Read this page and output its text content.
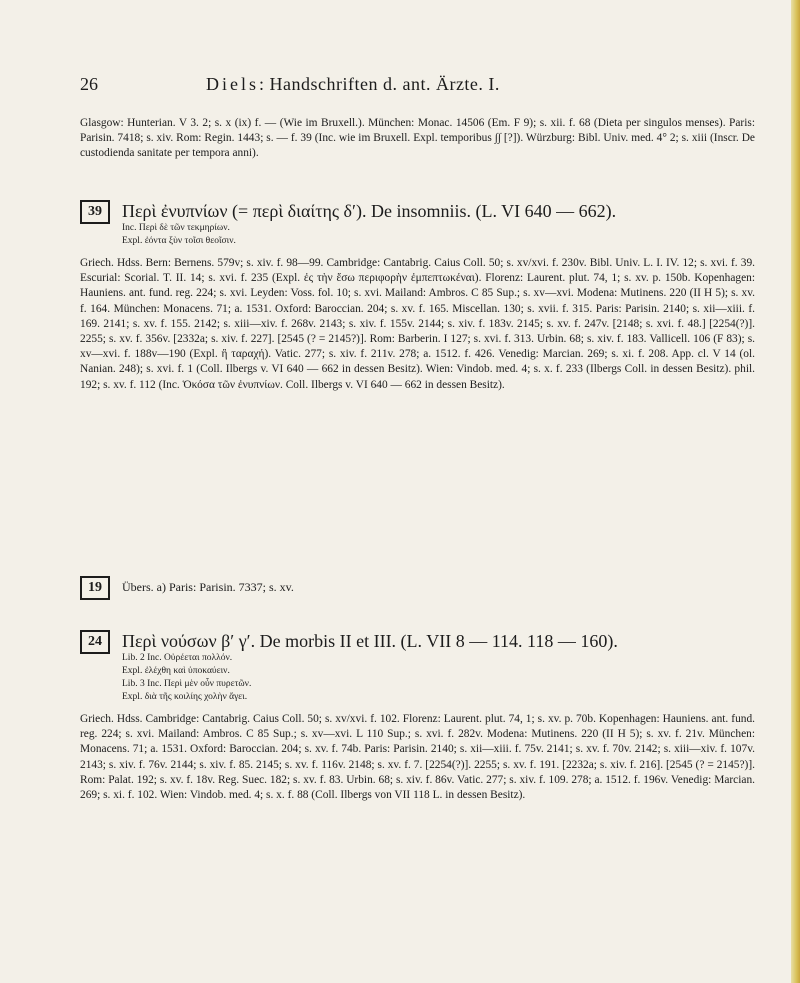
26	Diels: Handschriften d. ant. Ärzte. I.

Glasgow: Hunterian. V 3. 2; s. x (ix) f. — (Wie im Bruxell.). München: Monac. 14506 (Em. F 9); s. xii. f. 68 (Dieta per singulos menses). Paris: Parisin. 7418; s. xiv. Rom: Regin. 1443; s. — f. 39 (Inc. wie im Bruxell. Expl. temporibus ∫∫ [?]). Würzburg: Bibl. Univ. med. 4° 2; s. xiii (Inscr. De custodienda sanitate per tempora anni).

39	Περὶ ἐνυπνίων (= περὶ διαίτης δ′). De insomniis. (L. VI 640 — 662).
Inc. Περὶ δὲ τῶν τεκμηρίων.
Expl. ἐόντα ξὺν τοῖσι θεοῖσιν.

Griech. Hdss. Bern: Bernens. 579v; s. xiv. f. 98—99. Cambridge: Cantabrig. Caius Coll. 50; s. xv/xvi. f. 230v. Bibl. Univ. L. I. IV. 12; s. xvi. f. 39. Escurial: Scorial. T. II. 14; s. xvi. f. 235 (Expl. ἐς τὴν ἔσω περιφορὴν ἐμπεπτωκέναι). Florenz: Laurent. plut. 74, 1; s. xv. p. 150b. Kopenhagen: Hauniens. ant. fund. reg. 224; s. xvi. Leyden: Voss. fol. 10; s. xvi. Mailand: Ambros. C 85 Sup.; s. xv—xvi. Modena: Mutinens. 220 (II H 5); s. xv. f. 164. München: Monacens. 71; a. 1531. Oxford: Baroccian. 204; s. xv. f. 165. Miscellan. 130; s. xvii. f. 315. Paris: Parisin. 2140; s. xii—xiii. f. 169. 2141; s. xv. f. 155. 2142; s. xiii—xiv. f. 268v. 2143; s. xiv. f. 155v. 2144; s. xiv. f. 183v. 2145; s. xv. f. 247v. [2148; s. xvi. f. 48.] [2254(?)]. 2255; s. xv. f. 356v. [2332a; s. xiv. f. 227]. [2545 (? = 2145?)]. Rom: Barberin. I 127; s. xvi. f. 313. Urbin. 68; s. xiv. f. 183. Vallicell. 106 (F 83); s. xv—xvi. f. 188v—190 (Expl. ἢ ταραχή). Vatic. 277; s. xiv. f. 211v. 278; a. 1512. f. 426. Venedig: Marcian. 269; s. xi. f. 208. App. cl. V 14 (ol. Nanian. 248); s. xvi. f. 1 (Coll. Ilbergs v. VI 640 — 662 in dessen Besitz). Wien: Vindob. med. 4; s. x. f. 233 (Ilbergs Coll. in dessen Besitz). phil. 192; s. xv. f. 112 (Inc. Ὁκόσα τῶν ἐνυπνίων. Coll. Ilbergs v. VI 640 — 662 in dessen Besitz).

19	Übers. a) Paris: Parisin. 7337; s. xv.
24	Περὶ νούσων β′ γ′. De morbis II et III. (L. VII 8 — 114. 118 — 160).
Lib. 2 Inc. Οὐρέεται πολλόν.
Expl. ἐλέχθη καὶ ὑποκαύειν.
Lib. 3 Inc. Περὶ μὲν οὖν πυρετῶν.
Expl. διὰ τῆς κοιλίης χολὴν ἄγει.

Griech. Hdss. Cambridge: Cantabrig. Caius Coll. 50; s. xv/xvi. f. 102. Florenz: Laurent. plut. 74, 1; s. xv. p. 70b. Kopenhagen: Hauniens. ant. fund. reg. 224; s. xvi. Mailand: Ambros. C 85 Sup.; s. xv—xvi. L 110 Sup.; s. xvi. f. 282v. Modena: Mutinens. 220 (II H 5); s. xv. f. 21v. München: Monacens. 71; a. 1531. Oxford: Baroccian. 204; s. xv. f. 74b. Paris: Parisin. 2140; s. xii—xiii. f. 75v. 2141; s. xv. f. 70v. 2142; s. xiii—xiv. f. 107v. 2143; s. xiv. f. 76v. 2144; s. xiv. f. 85. 2145; s. xv. f. 116v. 2148; s. xv. f. 7. [2254(?)]. 2255; s. xv. f. 191. [2232a; s. xiv. f. 216]. [2545 (? = 2145?)]. Rom: Palat. 192; s. xv. f. 18v. Reg. Suec. 182; s. xv. f. 83. Urbin. 68; s. xiv. f. 86v. Vatic. 277; s. xiv. f. 109. 278; a. 1512. f. 196v. Venedig: Marcian. 269; s. xi. f. 102. Wien: Vindob. med. 4; s. x. f. 88 (Coll. Ilbergs von VII 118 L. in dessen Besitz).
